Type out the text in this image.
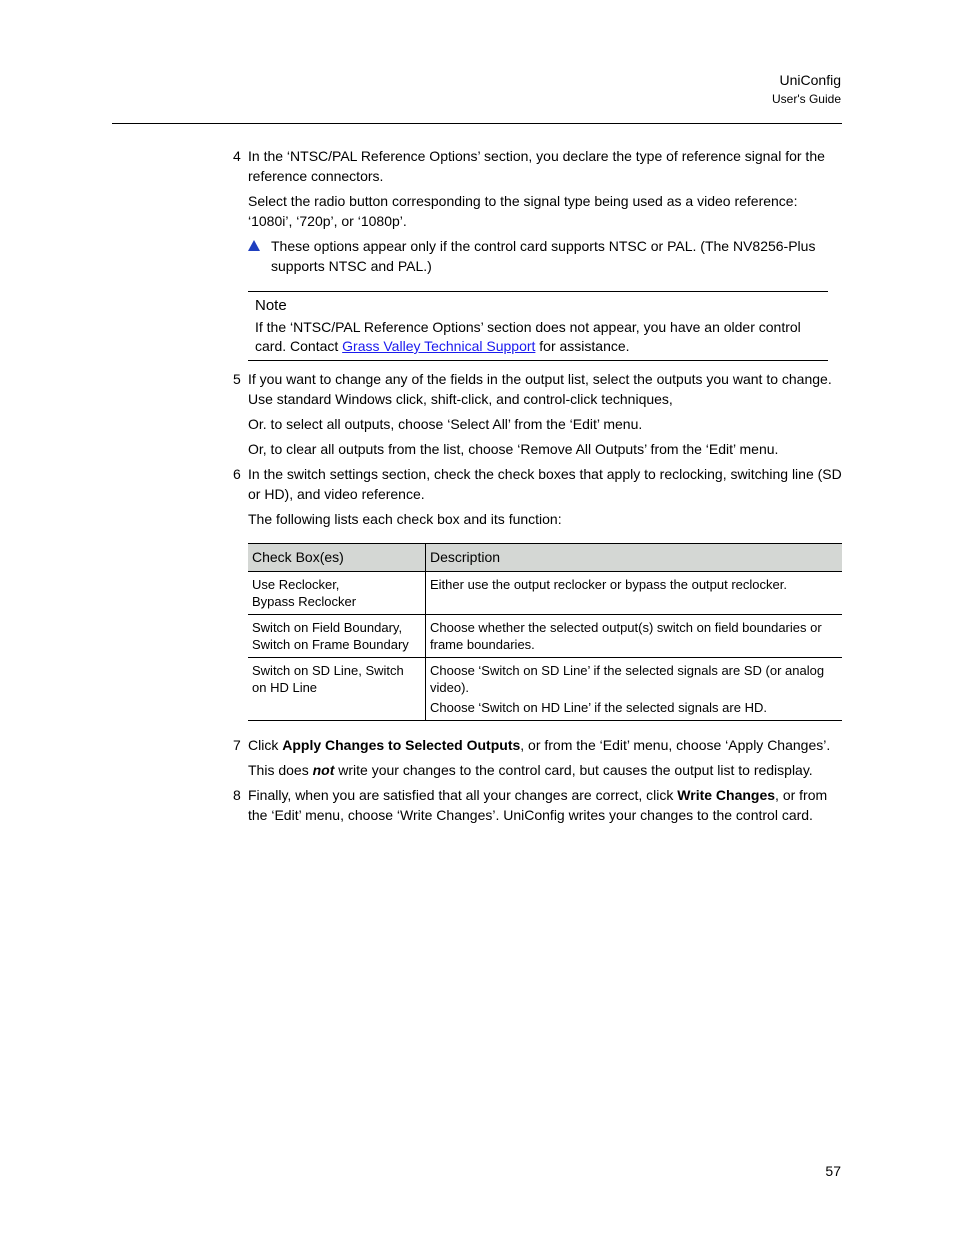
UniConfig
User's Guide
4 In the ‘NTSC/PAL Reference Options’ section, you declare the type of reference signal for the reference connectors.
Select the radio button corresponding to the signal type being used as a video reference: ‘1080i’, ‘720p’, or ‘1080p’.
These options appear only if the control card supports NTSC or PAL. (The NV8256-Plus supports NTSC and PAL.)
Note
If the ‘NTSC/PAL Reference Options’ section does not appear, you have an older control card. Contact Grass Valley Technical Support for assistance.
5 If you want to change any of the fields in the output list, select the outputs you want to change. Use standard Windows click, shift-click, and control-click techniques,
Or. to select all outputs, choose ‘Select All’ from the ‘Edit’ menu.
Or, to clear all outputs from the list, choose ‘Remove All Outputs’ from the ‘Edit’ menu.
6 In the switch settings section, check the check boxes that apply to reclocking, switching line (SD or HD), and video reference.
The following lists each check box and its function:
Check Box(es)	Description

Use Reclocker,

Bypass Reclocker	Either use the output reclocker or bypass the output reclocker.

Switch on Field Boundary,

Switch on Frame Boundary	Choose whether the selected output(s) switch on field boundaries or frame boundaries.

Switch on SD Line, Switch on HD Line	Choose ‘Switch on SD Line’ if the selected signals are SD (or analog video).

Choose ‘Switch on HD Line’ if the selected signals are HD.

7 Click Apply Changes to Selected Outputs, or from the ‘Edit’ menu, choose ‘Apply Changes’.
This does not write your changes to the control card, but causes the output list to redisplay.
8 Finally, when you are satisfied that all your changes are correct, click Write Changes, or from the ‘Edit’ menu, choose ‘Write Changes’. UniConfig writes your changes to the control card.
57
